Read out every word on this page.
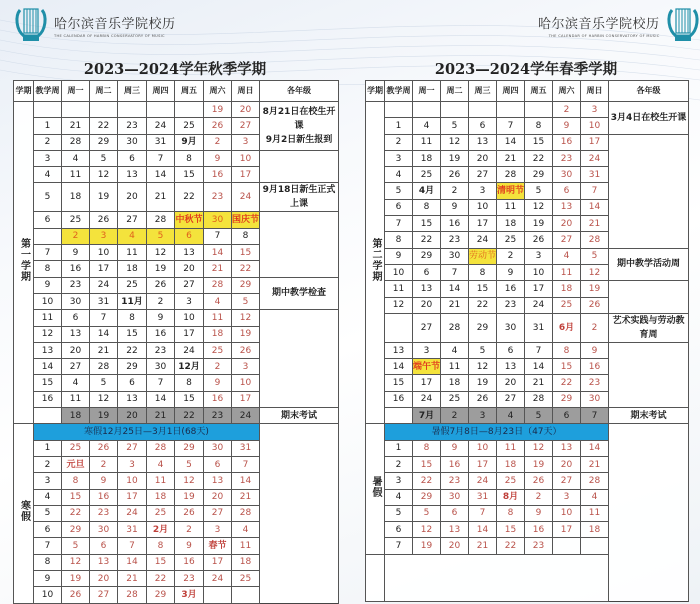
哈尔滨音乐学院校历
THE CALENDAR OF HARBIN CONSERVATORY OF MUSIC
哈尔滨音乐学院校历
THE CALENDAR OF HARBIN CONSERVATORY OF MUSIC
2023—2024学年秋季学期	2023—2024学年春季学期
学期	教学周	周一	周二	周三	周四	周五	周六	周日	各年级
第一学期							19	20	8月21日在校生开课
9月2日新生报到
	1	21	22	23	24	25	26	27	
	2	28	29	30	31	9月	2	3	
	3	4	5	6	7	8	9	10	
	4	11	12	13	14	15	16	17	
	5	18	19	20	21	22	23	24	9月18日新生正式上课
	6	25	26	27	28	中秋节	30	国庆节	
		2	3	4	5	6	7	8	
	7	9	10	11	12	13	14	15	
	8	16	17	18	19	20	21	22	
	9	23	24	25	26	27	28	29	期中教学检查
	10	30	31	11月	2	3	4	5	
	11	6	7	8	9	10	11	12	
	12	13	14	15	16	17	18	19	
	13	20	21	22	23	24	25	26	
	14	27	28	29	30	12月	2	3	
	15	4	5	6	7	8	9	10	
	16	11	12	13	14	15	16	17	
		18	19	20	21	22	23	24	期末考试
寒假	寒假12月25日—3月1日(68天)								
	1	25	26	27	28	29	30	31	
	2	元旦	2	3	4	5	6	7	
	3	8	9	10	11	12	13	14	
	4	15	16	17	18	19	20	21	
	5	22	23	24	25	26	27	28	
	6	29	30	31	2月	2	3	4	
	7	5	6	7	8	9	春节	11	
	8	12	13	14	15	16	17	18	
	9	19	20	21	22	23	24	25	
	10	26	27	28	29	3月			
学期	教学周	周一	周二	周三	周四	周五	周六	周日	各年级
第二学期							2	3	3月4日在校生开课
	1	4	5	6	7	8	9	10	
	2	11	12	13	14	15	16	17	
	3	18	19	20	21	22	23	24	
	4	25	26	27	28	29	30	31	
	5	4月	2	3	清明节	5	6	7	
	6	8	9	10	11	12	13	14	
	7	15	16	17	18	19	20	21	
	8	22	23	24	25	26	27	28	
	9	29	30	劳动节	2	3	4	5	期中教学活动周
	10	6	7	8	9	10	11	12	
	11	13	14	15	16	17	18	19	
	12	20	21	22	23	24	25	26	
		27	28	29	30	31	6月	2	艺术实践与劳动教育周
	13	3	4	5	6	7	8	9	
	14	端午节	11	12	13	14	15	16	
	15	17	18	19	20	21	22	23	
	16	24	25	26	27	28	29	30	
		7月	2	3	4	5	6	7	期末考试
暑假	暑假7月8日—8月23日（47天）								
	1	8	9	10	11	12	13	14	
	2	15	16	17	18	19	20	21	
	3	22	23	24	25	26	27	28	
	4	29	30	31	8月	2	3	4	
	5	5	6	7	8	9	10	11	
	6	12	13	14	15	16	17	18	
	7	19	20	21	22	23			
